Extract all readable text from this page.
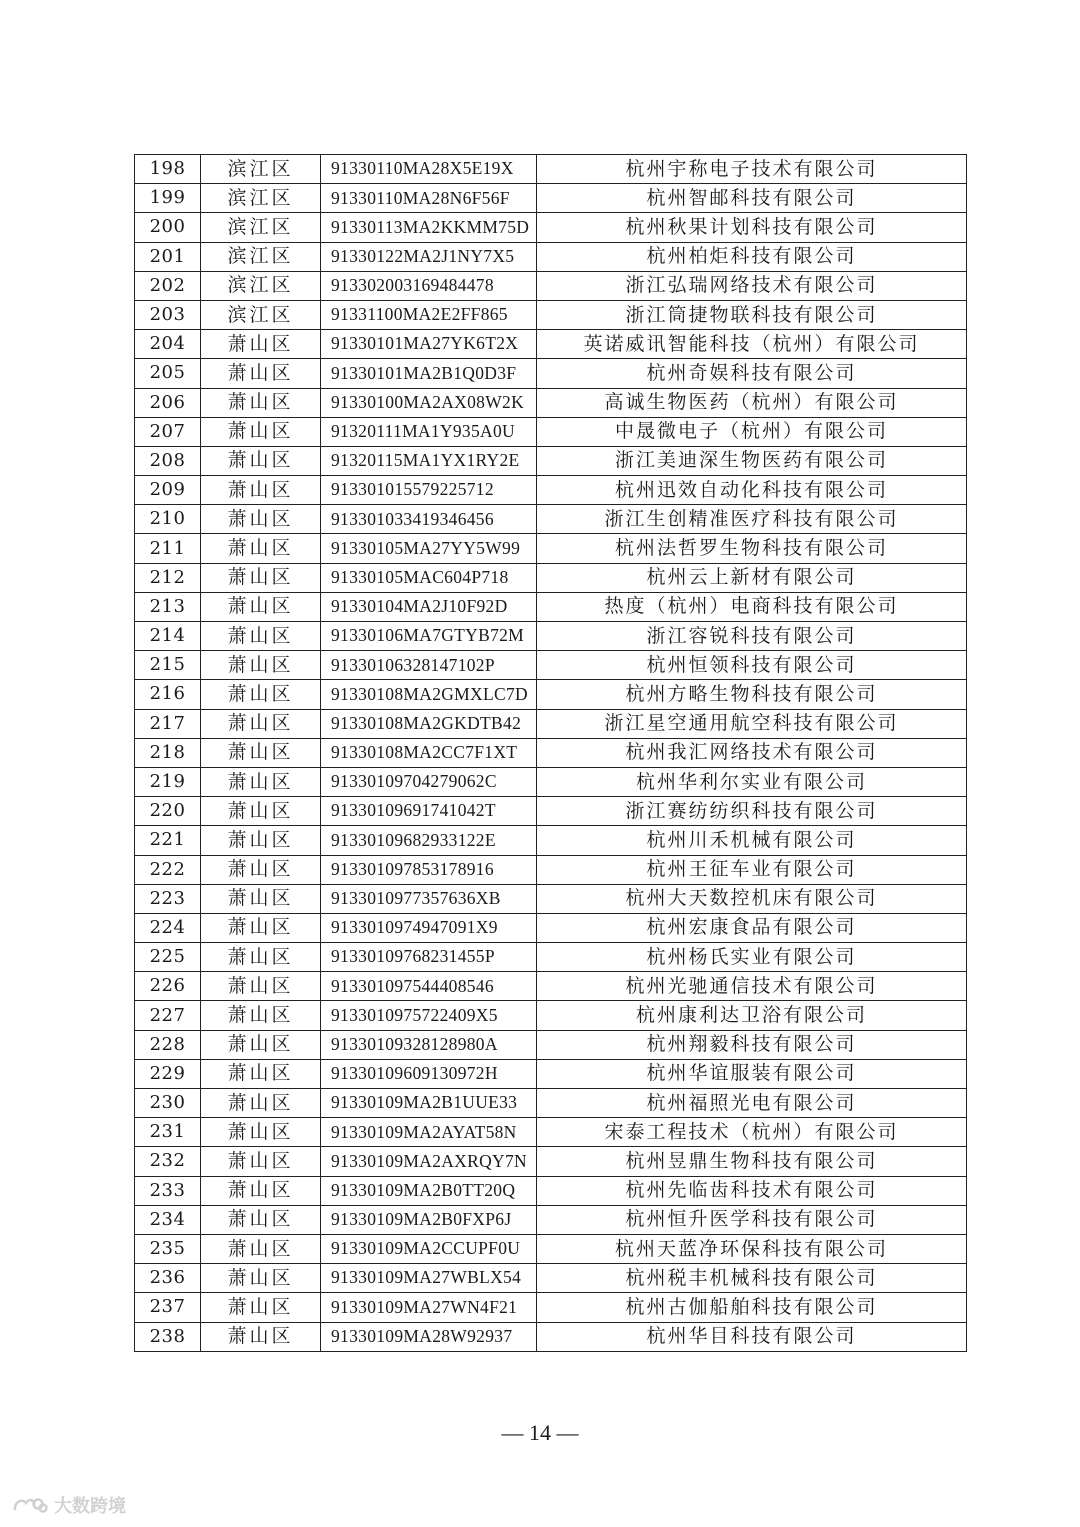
198	滨江区	91330110MA28X5E19X	杭州宇称电子技术有限公司
199	滨江区	91330110MA28N6F56F	杭州智邮科技有限公司
200	滨江区	91330113MA2KKMM75D	杭州秋果计划科技有限公司
201	滨江区	91330122MA2J1NY7X5	杭州柏炬科技有限公司
202	滨江区	913302003169484478	浙江弘瑞网络技术有限公司
203	滨江区	91331100MA2E2FF865	浙江筒捷物联科技有限公司
204	萧山区	91330101MA27YK6T2X	英诺威讯智能科技（杭州）有限公司
205	萧山区	91330101MA2B1Q0D3F	杭州奇娱科技有限公司
206	萧山区	91330100MA2AX08W2K	高诚生物医药（杭州）有限公司
207	萧山区	91320111MA1Y935A0U	中晟微电子（杭州）有限公司
208	萧山区	91320115MA1YX1RY2E	浙江美迪深生物医药有限公司
209	萧山区	913301015579225712	杭州迅效自动化科技有限公司
210	萧山区	913301033419346456	浙江生创精准医疗科技有限公司
211	萧山区	91330105MA27YY5W99	杭州法哲罗生物科技有限公司
212	萧山区	91330105MAC604P718	杭州云上新材有限公司
213	萧山区	91330104MA2J10F92D	热度（杭州）电商科技有限公司
214	萧山区	91330106MA7GTYB72M	浙江容锐科技有限公司
215	萧山区	91330106328147102P	杭州恒领科技有限公司
216	萧山区	91330108MA2GMXLC7D	杭州方略生物科技有限公司
217	萧山区	91330108MA2GKDTB42	浙江星空通用航空科技有限公司
218	萧山区	91330108MA2CC7F1XT	杭州我汇网络技术有限公司
219	萧山区	91330109704279062C	杭州华利尔实业有限公司
220	萧山区	91330109691741042T	浙江赛纺纺织科技有限公司
221	萧山区	91330109682933122E	杭州川禾机械有限公司
222	萧山区	913301097853178916	杭州王征车业有限公司
223	萧山区	9133010977357636XB	杭州大天数控机床有限公司
224	萧山区	9133010974947091X9	杭州宏康食品有限公司
225	萧山区	91330109768231455P	杭州杨氏实业有限公司
226	萧山区	913301097544408546	杭州光驰通信技术有限公司
227	萧山区	9133010975722409X5	杭州康利达卫浴有限公司
228	萧山区	91330109328128980A	杭州翔毅科技有限公司
229	萧山区	91330109609130972H	杭州华谊服装有限公司
230	萧山区	91330109MA2B1UUE33	杭州福照光电有限公司
231	萧山区	91330109MA2AYAT58N	宋泰工程技术（杭州）有限公司
232	萧山区	91330109MA2AXRQY7N	杭州昱鼎生物科技有限公司
233	萧山区	91330109MA2B0TT20Q	杭州先临齿科技术有限公司
234	萧山区	91330109MA2B0FXP6J	杭州恒升医学科技有限公司
235	萧山区	91330109MA2CCUPF0U	杭州天蓝净环保科技有限公司
236	萧山区	91330109MA27WBLX54	杭州税丰机械科技有限公司
237	萧山区	91330109MA27WN4F21	杭州古伽船舶科技有限公司
238	萧山区	91330109MA28W92937	杭州华目科技有限公司
— 14 —
大数跨境
